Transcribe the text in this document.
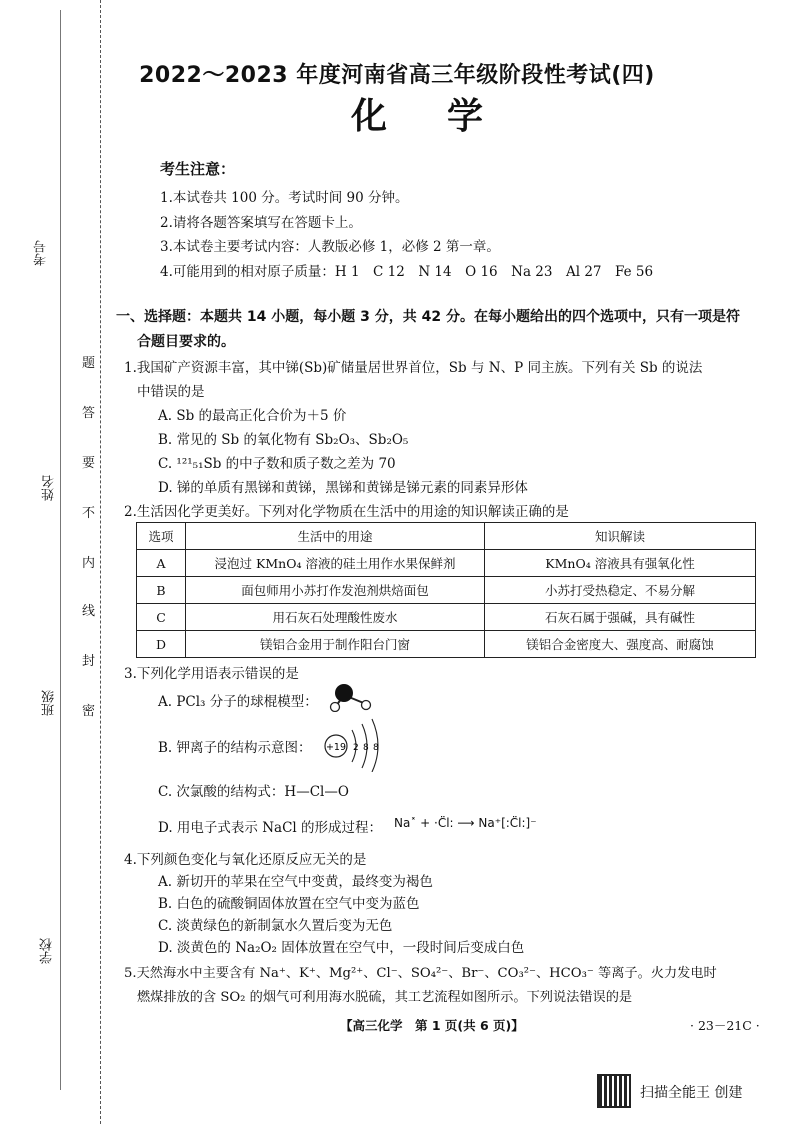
考号
姓名
班级
学校
题
答
要
不
内
线
封
密
2022～2023 年度河南省高三年级阶段性考试(四)
化学
考生注意：
1.本试卷共 100 分。考试时间 90 分钟。
2.请将各题答案填写在答题卡上。
3.本试卷主要考试内容：人教版必修 1，必修 2 第一章。
4.可能用到的相对原子质量：H 1　C 12　N 14　O 16　Na 23　Al 27　Fe 56
一、选择题：本题共 14 小题，每小题 3 分，共 42 分。在每小题给出的四个选项中，只有一项是符
合题目要求的。
1.我国矿产资源丰富，其中锑(Sb)矿储量居世界首位，Sb 与 N、P 同主族。下列有关 Sb 的说法
中错误的是
A. Sb 的最高正化合价为＋5 价
B. 常见的 Sb 的氧化物有 Sb₂O₃、Sb₂O₅
C. ¹²¹₅₁Sb 的中子数和质子数之差为 70
D. 锑的单质有黑锑和黄锑，黑锑和黄锑是锑元素的同素异形体
2.生活因化学更美好。下列对化学物质在生活中的用途的知识解读正确的是
选项	生活中的用途	知识解读
A	浸泡过 KMnO₄ 溶液的硅土用作水果保鲜剂	KMnO₄ 溶液具有强氧化性
B	面包师用小苏打作发泡剂烘焙面包	小苏打受热稳定、不易分解
C	用石灰石处理酸性废水	石灰石属于强碱，具有碱性
D	镁铝合金用于制作阳台门窗	镁铝合金密度大、强度高、耐腐蚀
3.下列化学用语表示错误的是
A. PCl₃ 分子的球棍模型：
B. 钾离子的结构示意图： +19 2 8 8
C. 次氯酸的结构式：H—Cl—O
D. 用电子式表示 NaCl 的形成过程： Na˟ + ·C̈l: ⟶ Na⁺[:C̈l:]⁻
4.下列颜色变化与氧化还原反应无关的是
A. 新切开的苹果在空气中变黄，最终变为褐色
B. 白色的硫酸铜固体放置在空气中变为蓝色
C. 淡黄绿色的新制氯水久置后变为无色
D. 淡黄色的 Na₂O₂ 固体放置在空气中，一段时间后变成白色
5.天然海水中主要含有 Na⁺、K⁺、Mg²⁺、Cl⁻、SO₄²⁻、Br⁻、CO₃²⁻、HCO₃⁻ 等离子。火力发电时
燃煤排放的含 SO₂ 的烟气可利用海水脱硫，其工艺流程如图所示。下列说法错误的是
【高三化学　第 1 页(共 6 页)】	· 23－21C ·
扫描全能王 创建
